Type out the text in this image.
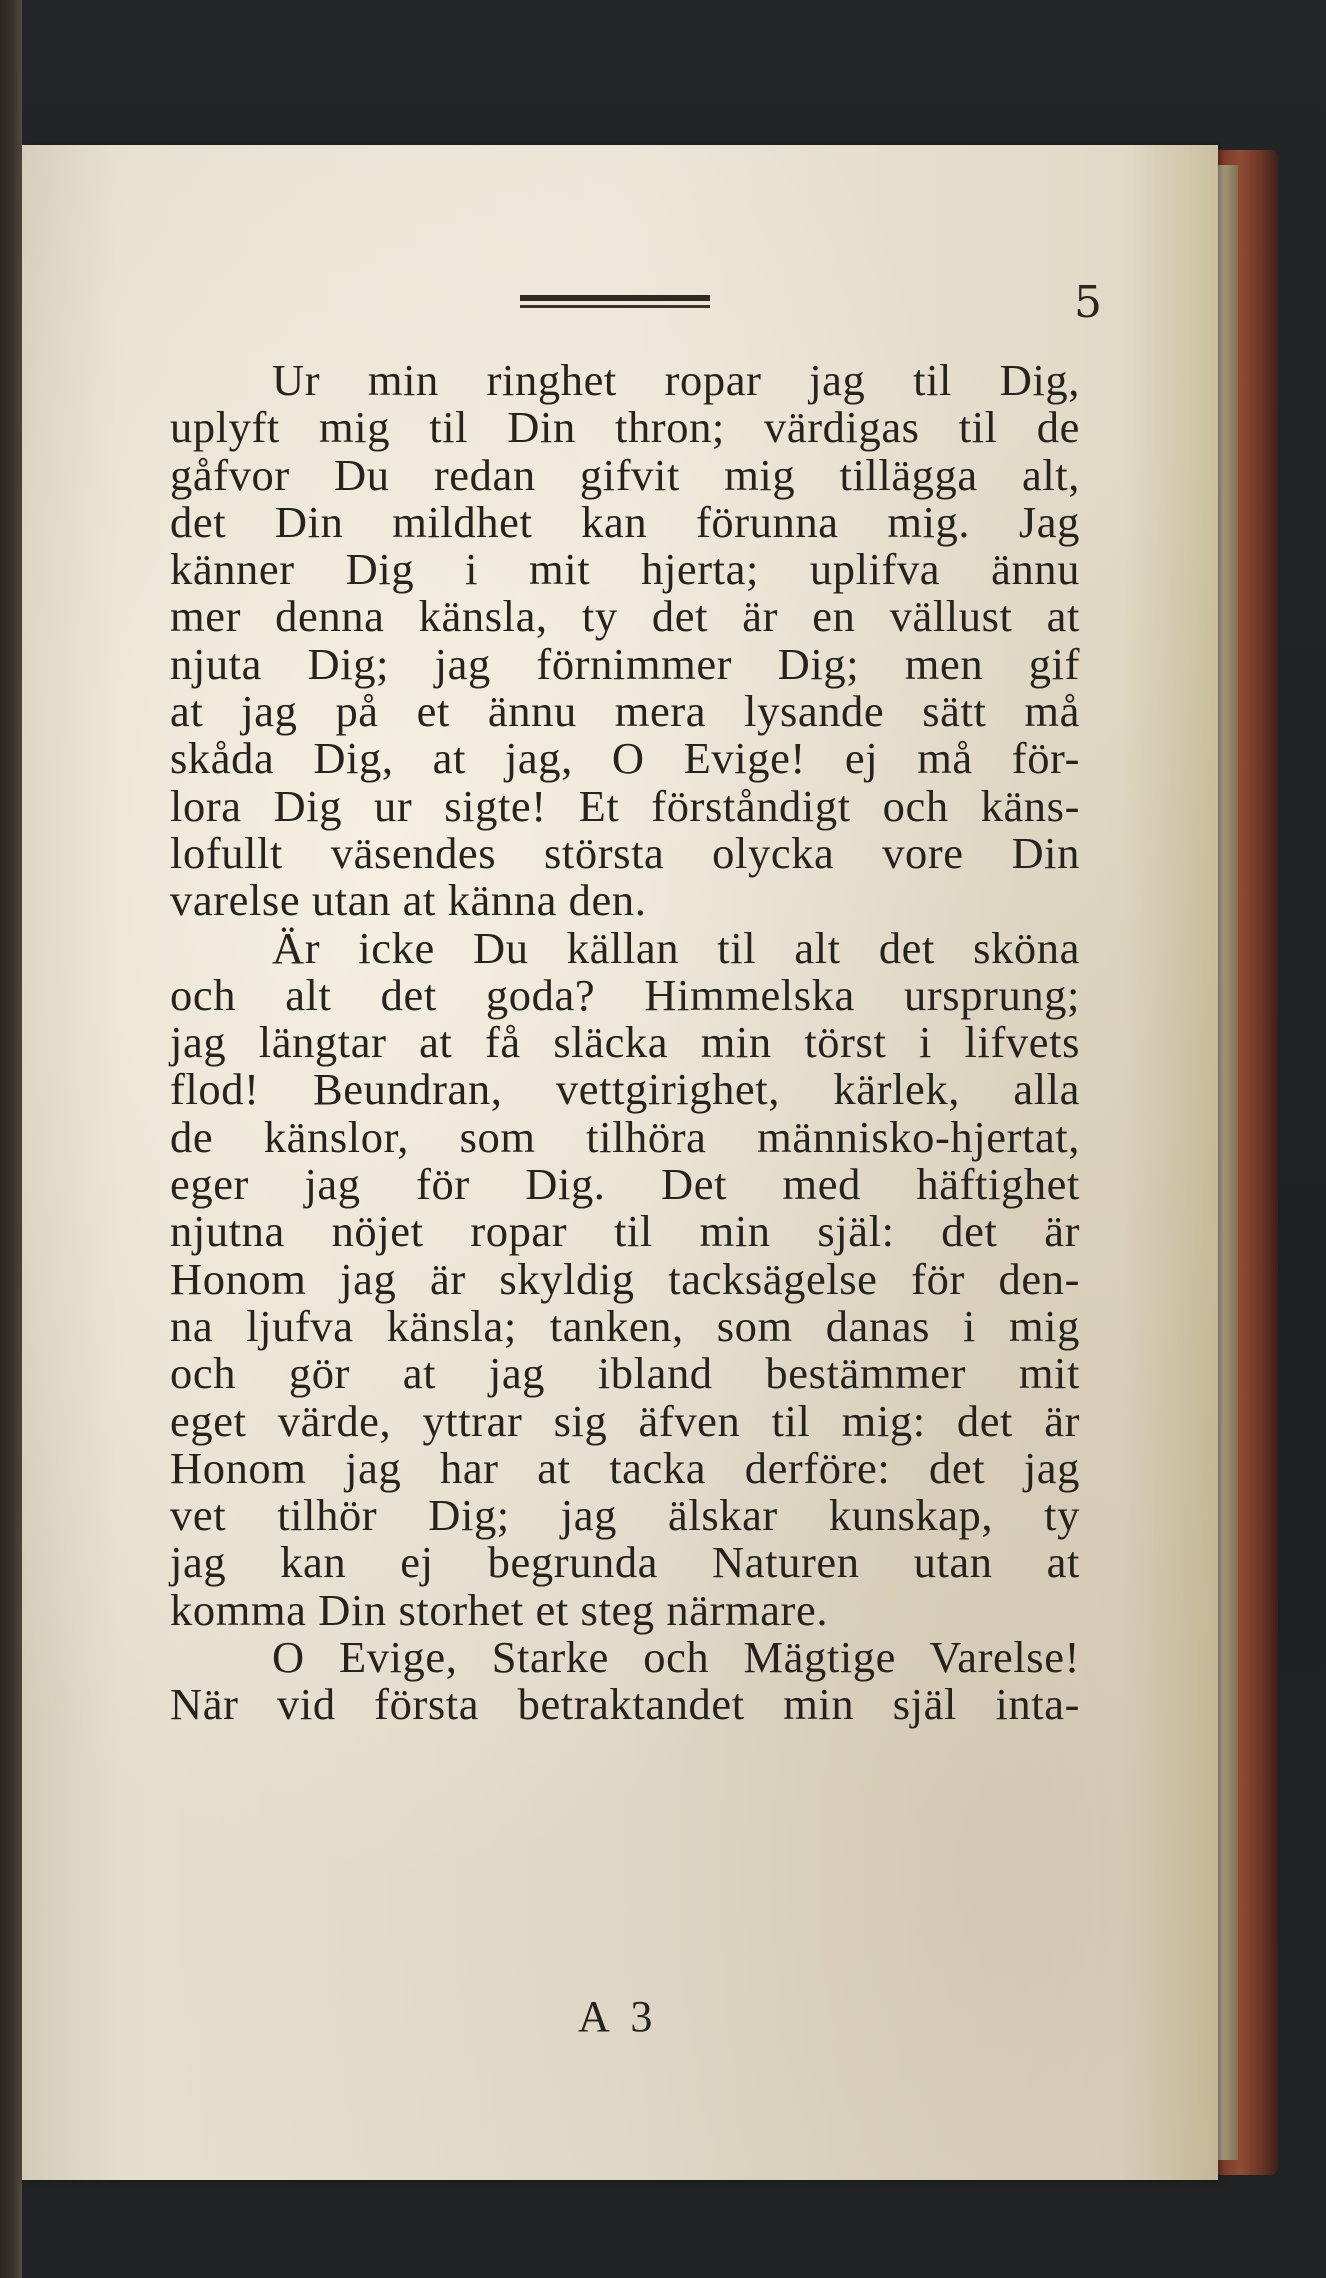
5
Ur min ringhet ropar jag til Dig,
uplyft mig til Din thron; värdigas til de
gåfvor Du redan gifvit mig tillägga alt,
det Din mildhet kan förunna mig. Jag
känner Dig i mit hjerta; uplifva ännu
mer denna känsla, ty det är en vällust at
njuta Dig; jag förnimmer Dig; men gif
at jag på et ännu mera lysande sätt må
skåda Dig, at jag, O Evige! ej må för-
lora Dig ur sigte! Et förståndigt och käns-
lofullt väsendes största olycka vore Din
varelse utan at känna den.
Är icke Du källan til alt det sköna
och alt det goda? Himmelska ursprung;
jag längtar at få släcka min törst i lifvets
flod! Beundran, vettgirighet, kärlek, alla
de känslor, som tilhöra människo-hjertat,
eger jag för Dig. Det med häftighet
njutna nöjet ropar til min själ: det är
Honom jag är skyldig tacksägelse för den-
na ljufva känsla; tanken, som danas i mig
och gör at jag ibland bestämmer mit
eget värde, yttrar sig äfven til mig: det är
Honom jag har at tacka derföre: det jag
vet tilhör Dig; jag älskar kunskap, ty
jag kan ej begrunda Naturen utan at
komma Din storhet et steg närmare.
O Evige, Starke och Mägtige Varelse!
När vid första betraktandet min själ inta-
A 3
